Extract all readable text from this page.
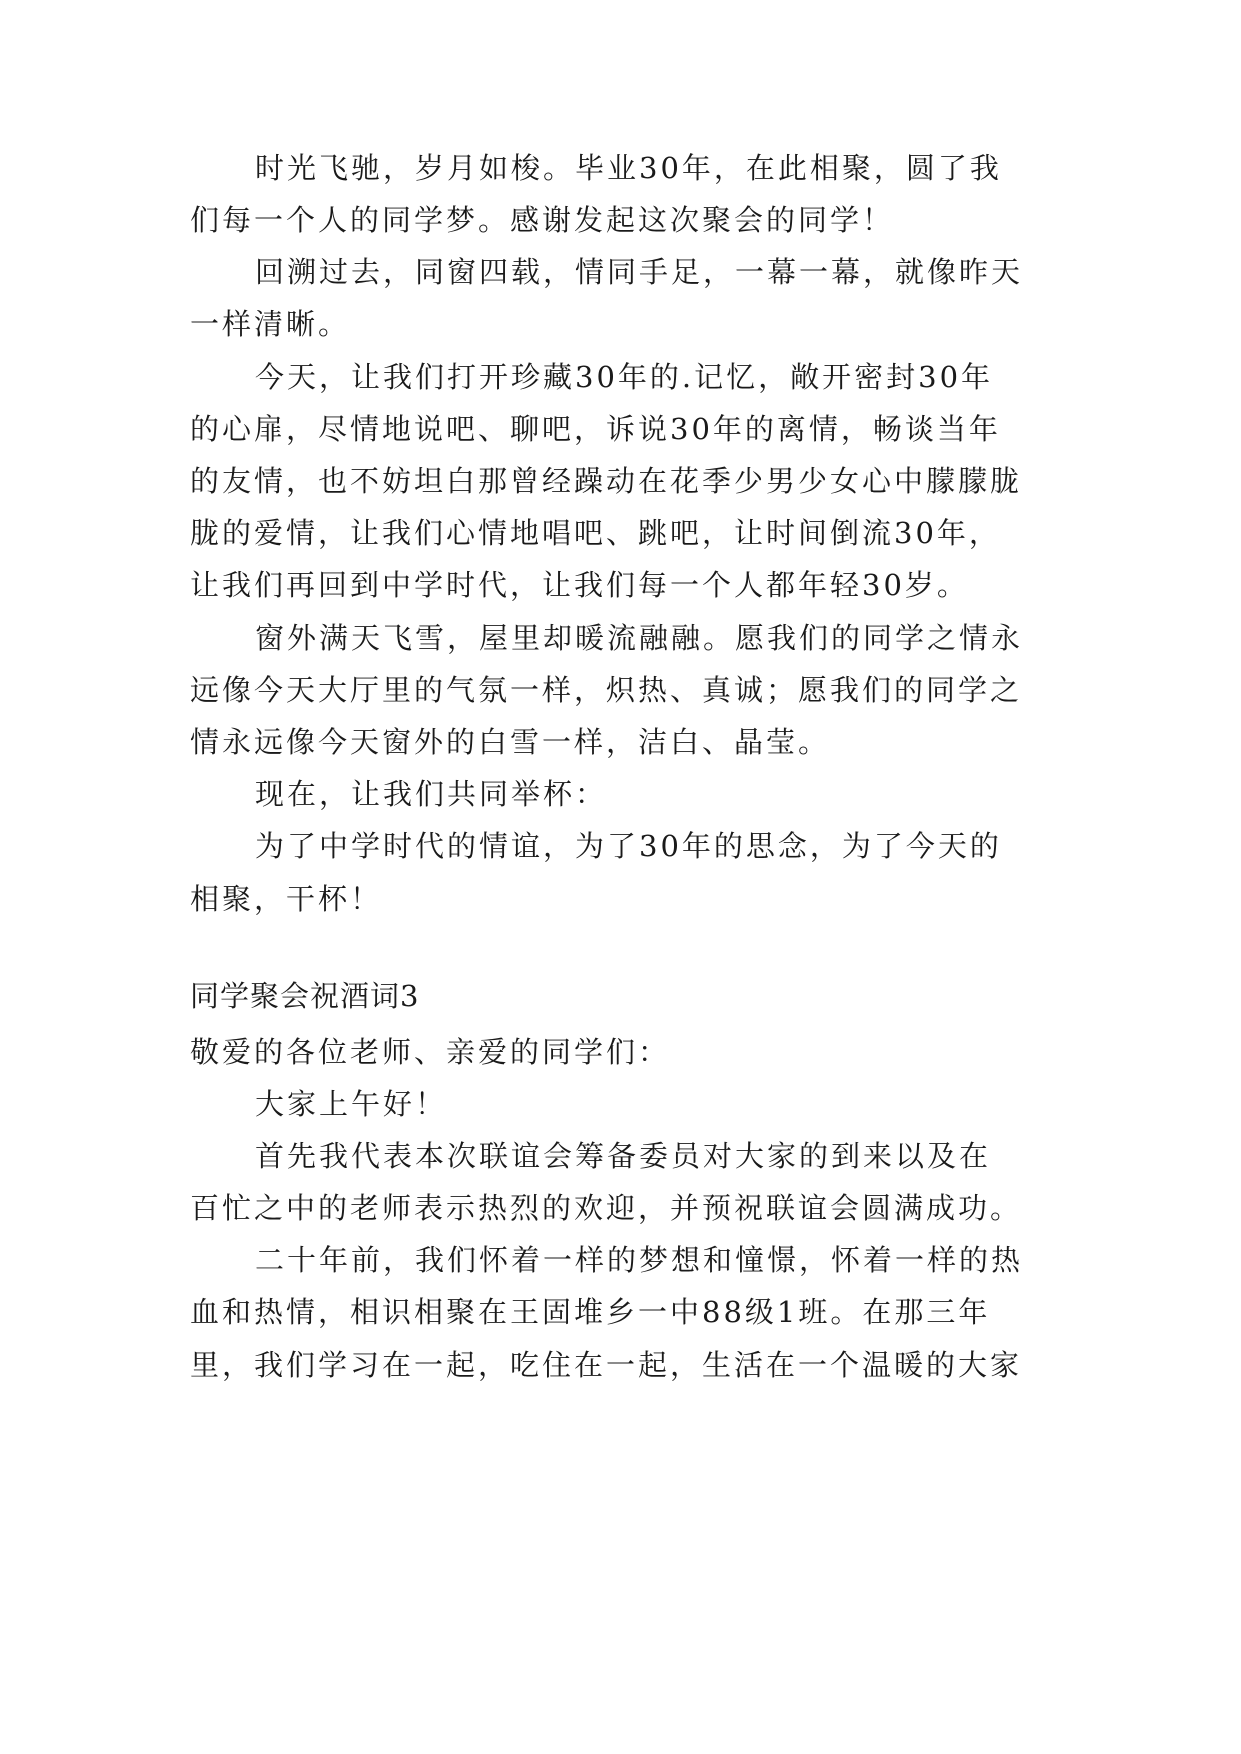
时光飞驰，岁月如梭。毕业30年，在此相聚，圆了我
们每一个人的同学梦。感谢发起这次聚会的同学！
回溯过去，同窗四载，情同手足，一幕一幕，就像昨天
一样清晰。
今天，让我们打开珍藏30年的.记忆，敞开密封30年
的心扉，尽情地说吧、聊吧，诉说30年的离情，畅谈当年
的友情，也不妨坦白那曾经躁动在花季少男少女心中朦朦胧
胧的爱情，让我们心情地唱吧、跳吧，让时间倒流30年，
让我们再回到中学时代，让我们每一个人都年轻30岁。
窗外满天飞雪，屋里却暖流融融。愿我们的同学之情永
远像今天大厅里的气氛一样，炽热、真诚；愿我们的同学之
情永远像今天窗外的白雪一样，洁白、晶莹。
现在，让我们共同举杯：
为了中学时代的情谊，为了30年的思念，为了今天的
相聚，干杯！
同学聚会祝酒词3
敬爱的各位老师、亲爱的同学们：
大家上午好！
首先我代表本次联谊会筹备委员对大家的到来以及在
百忙之中的老师表示热烈的欢迎，并预祝联谊会圆满成功。
二十年前，我们怀着一样的梦想和憧憬，怀着一样的热
血和热情，相识相聚在王固堆乡一中88级1班。在那三年
里，我们学习在一起，吃住在一起，生活在一个温暖的大家
